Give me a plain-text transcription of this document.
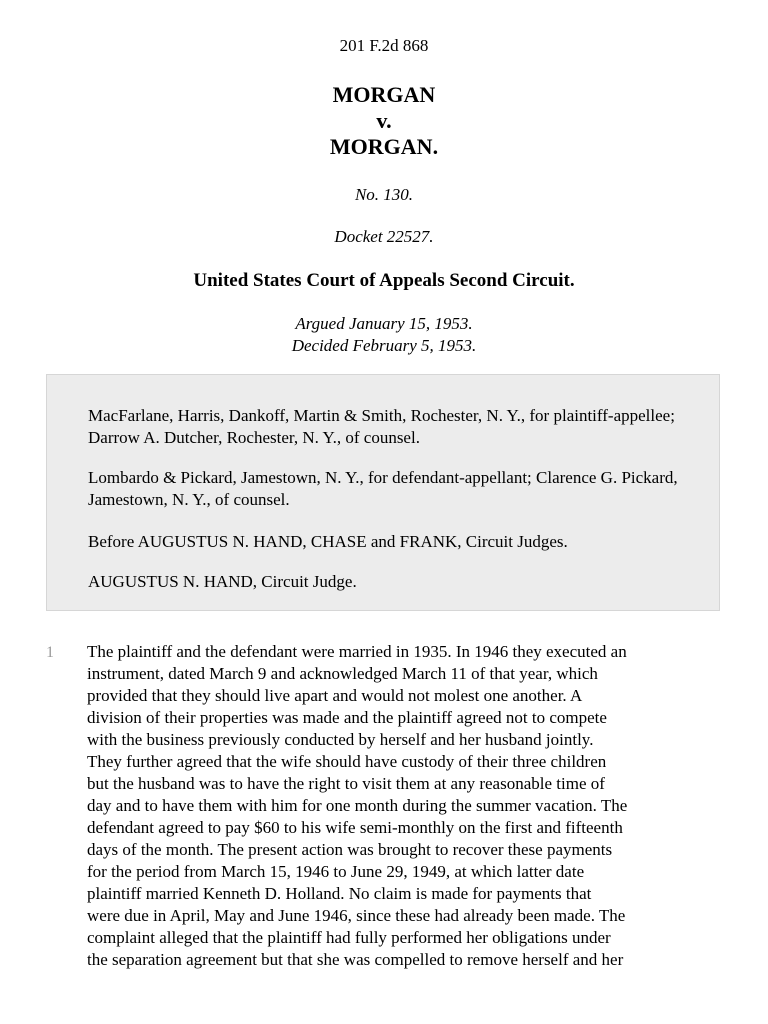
201 F.2d 868
MORGAN
v.
MORGAN.
No. 130.
Docket 22527.
United States Court of Appeals Second Circuit.
Argued January 15, 1953.
Decided February 5, 1953.

MacFarlane, Harris, Dankoff, Martin & Smith, Rochester, N. Y., for plaintiff-appellee; Darrow A. Dutcher, Rochester, N. Y., of counsel.

Lombardo & Pickard, Jamestown, N. Y., for defendant-appellant; Clarence G. Pickard, Jamestown, N. Y., of counsel.

Before AUGUSTUS N. HAND, CHASE and FRANK, Circuit Judges.

AUGUSTUS N. HAND, Circuit Judge.

1 The plaintiff and the defendant were married in 1935. In 1946 they executed an
instrument, dated March 9 and acknowledged March 11 of that year, which
provided that they should live apart and would not molest one another. A
division of their properties was made and the plaintiff agreed not to compete
with the business previously conducted by herself and her husband jointly.
They further agreed that the wife should have custody of their three children
but the husband was to have the right to visit them at any reasonable time of
day and to have them with him for one month during the summer vacation. The
defendant agreed to pay $60 to his wife semi-monthly on the first and fifteenth
days of the month. The present action was brought to recover these payments
for the period from March 15, 1946 to June 29, 1949, at which latter date
plaintiff married Kenneth D. Holland. No claim is made for payments that
were due in April, May and June 1946, since these had already been made. The
complaint alleged that the plaintiff had fully performed her obligations under
the separation agreement but that she was compelled to remove herself and her
